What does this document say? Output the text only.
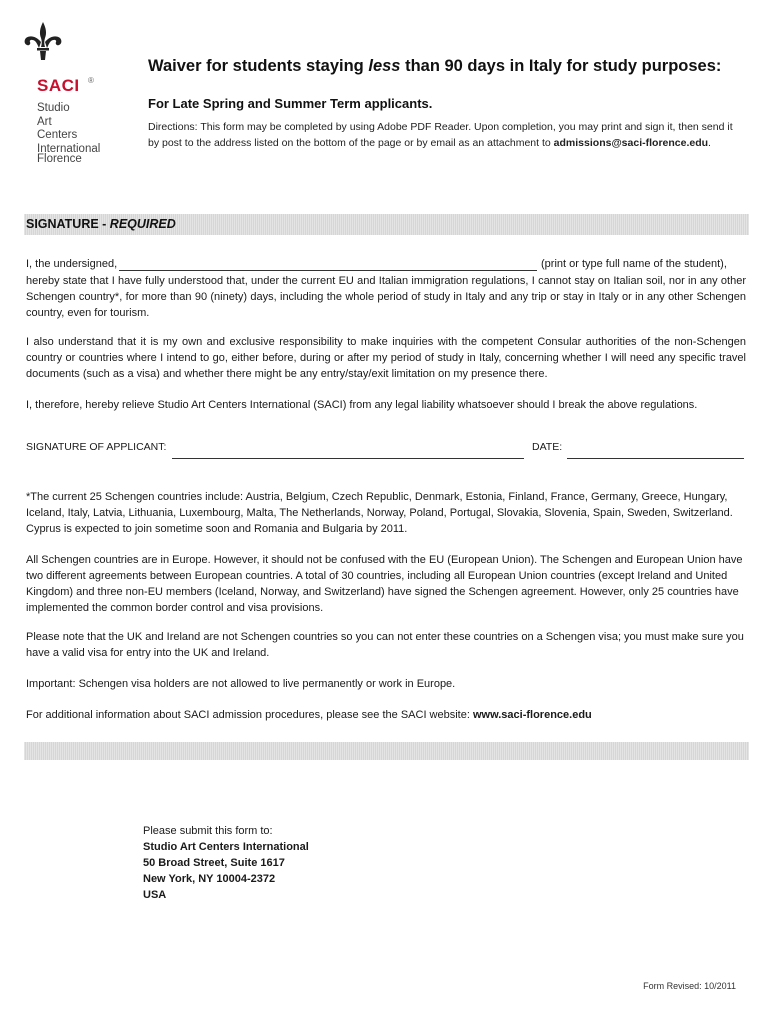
SACI ®
Studio
Art
Centers
International
Florence
Waiver for students staying less than 90 days in Italy for study purposes:
For Late Spring and Summer Term applicants.
Directions: This form may be completed by using Adobe PDF Reader. Upon completion, you may print and sign it, then send it by post to the address listed on the bottom of the page or by email as an attachment to admissions@saci-florence.edu.
SIGNATURE - REQUIRED
I, the undersigned,	(print or type full name of the student),
hereby state that I have fully understood that, under the current EU and Italian immigration regulations, I cannot stay on Italian soil, nor in any other Schengen country*, for more than 90 (ninety) days, including the whole period of study in Italy and any trip or stay in Italy or in any other Schengen country, even for tourism.
I also understand that it is my own and exclusive responsibility to make inquiries with the competent Consular authorities of the non-Schengen country or countries where I intend to go, either before, during or after my period of study in Italy, concerning whether I will need any specific travel documents (such as a visa) and whether there might be any entry/stay/exit limitation on my presence there.
I, therefore, hereby relieve Studio Art Centers International (SACI) from any legal liability whatsoever should I break the above regulations.
SIGNATURE OF APPLICANT:	DATE:
*The current 25 Schengen countries include: Austria, Belgium, Czech Republic, Denmark, Estonia, Finland, France, Germany, Greece, Hungary, Iceland, Italy, Latvia, Lithuania, Luxembourg, Malta, The Netherlands, Norway, Poland, Portugal, Slovakia, Slovenia, Spain, Sweden, Switzerland. Cyprus is expected to join sometime soon and Romania and Bulgaria by 2011.
All Schengen countries are in Europe. However, it should not be confused with the EU (European Union). The Schengen and European Union have two different agreements between European countries. A total of 30 countries, including all European Union countries (except Ireland and United Kingdom) and three non-EU members (Iceland, Norway, and Switzerland) have signed the Schengen agreement. However, only 25 countries have implemented the common border control and visa provisions.
Please note that the UK and Ireland are not Schengen countries so you can not enter these countries on a Schengen visa; you must make sure you have a valid visa for entry into the UK and Ireland.
Important: Schengen visa holders are not allowed to live permanently or work in Europe.
For additional information about SACI admission procedures, please see the SACI website: www.saci-florence.edu
Please submit this form to:
Studio Art Centers International
50 Broad Street, Suite 1617
New York, NY 10004-2372
USA
Form Revised: 10/2011
